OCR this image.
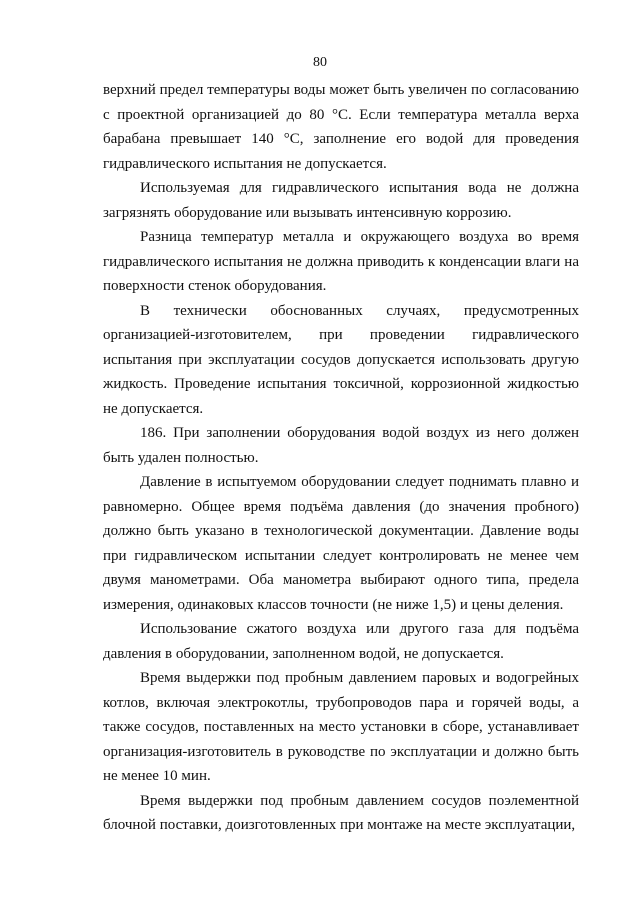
80

верхний предел температуры воды может быть увеличен по согласованию с проектной организацией до 80 °С. Если температура металла верха барабана превышает 140 °С, заполнение его водой для проведения гидравлического испытания не допускается.

Используемая для гидравлического испытания вода не должна загрязнять оборудование или вызывать интенсивную коррозию.

Разница температур металла и окружающего воздуха во время гидравлического испытания не должна приводить к конденсации влаги на поверхности стенок оборудования.

В технически обоснованных случаях, предусмотренных организацией-изготовителем, при проведении гидравлического испытания при эксплуатации сосудов допускается использовать другую жидкость. Проведение испытания токсичной, коррозионной жидкостью не допускается.

186. При заполнении оборудования водой воздух из него должен быть удален полностью.

Давление в испытуемом оборудовании следует поднимать плавно и равномерно. Общее время подъёма давления (до значения пробного) должно быть указано в технологической документации. Давление воды при гидравлическом испытании следует контролировать не менее чем двумя манометрами. Оба манометра выбирают одного типа, предела измерения, одинаковых классов точности (не ниже 1,5) и цены деления.

Использование сжатого воздуха или другого газа для подъёма давления в оборудовании, заполненном водой, не допускается.

Время выдержки под пробным давлением паровых и водогрейных котлов, включая электрокотлы, трубопроводов пара и горячей воды, а также сосудов, поставленных на место установки в сборе, устанавливает организация-изготовитель в руководстве по эксплуатации и должно быть не менее 10 мин.

Время выдержки под пробным давлением сосудов поэлементной блочной поставки, доизготовленных при монтаже на месте эксплуатации,
